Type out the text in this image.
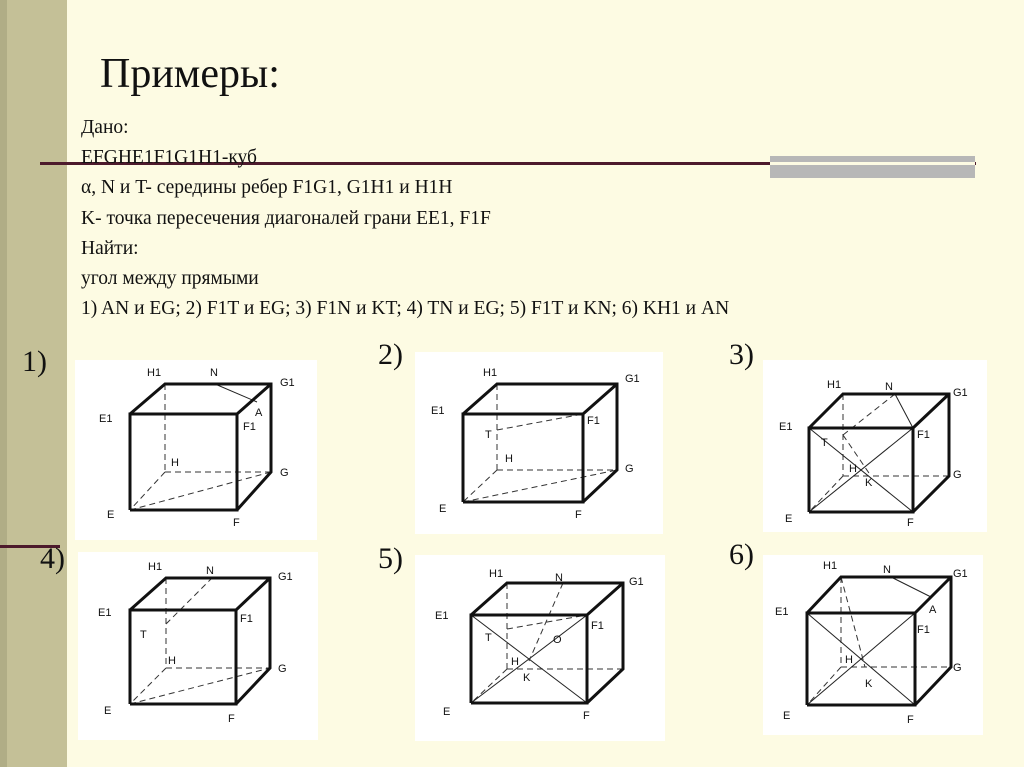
Примеры:
Дано:
EFGHE1F1G1H1-куб
α, N и T- середины ребер F1G1, G1H1 и H1H
K- точка пересечения диагоналей грани EE1, F1F
Найти:
угол между прямыми
1) AN и EG; 2) F1T и EG; 3) F1N и KT; 4) TN и EG; 5) F1T и KN; 6) KH1 и AN
1)	2)	3)
4)	5)	6)
H1	N
G1
E1	A
F1
H
G
E
F
H1	G1
E1
F1
T
H
G
E	F
H1	N	G1
E1
F1
T
H
K
G
E	F
H1	N	G1
E1	F1
T
H
G
E
F
H1	N	G1
E1
F1
T	O
H
K
E	F
H1	N	G1
E1	A
F1
H
K
G
E	F
